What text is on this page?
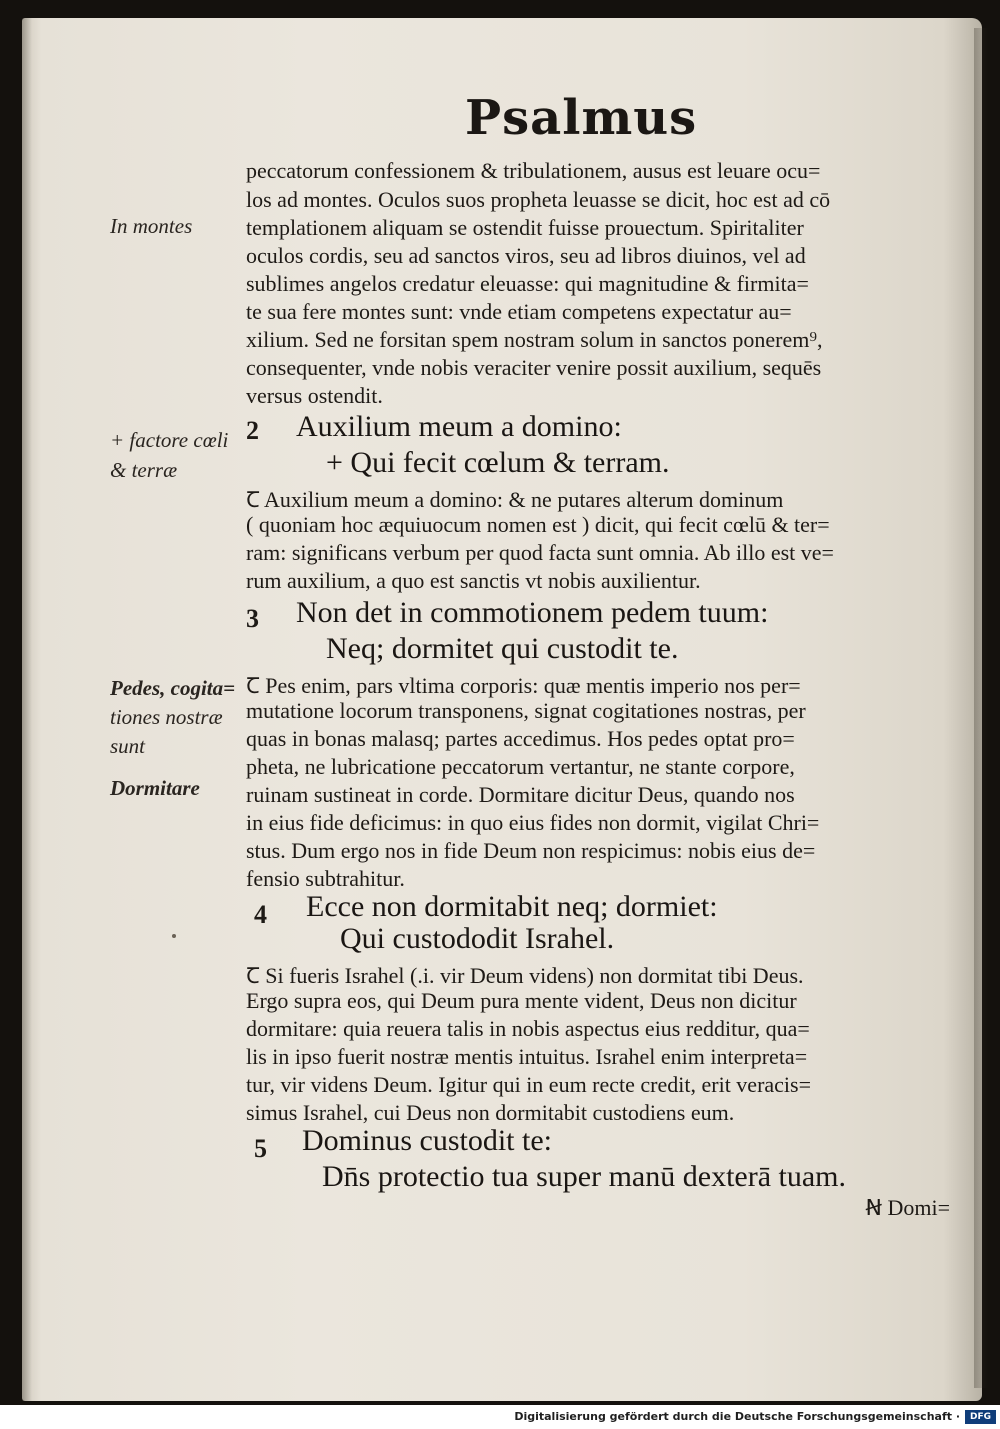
Psalmus
peccatorum confessionem & tribulationem, ausus est leuare ocu=
los ad montes. Oculos suos propheta leuasse se dicit, hoc est ad cō
templationem aliquam se ostendit fuisse prouectum. Spiritaliter
oculos cordis, seu ad sanctos viros, seu ad libros diuinos, vel ad
sublimes angelos credatur eleuasse: qui magnitudine & firmita=
te sua fere montes sunt: vnde etiam competens expectatur au=
xilium. Sed ne forsitan spem nostram solum in sanctos ponerem⁹,
consequenter, vnde nobis veraciter venire possit auxilium, sequēs
versus ostendit.
2 Auxilium meum a domino:
+ Qui fecit cœlum & terram.
Ꞇ Auxilium meum a domino: & ne putares alterum dominum
( quoniam hoc æquiuocum nomen est ) dicit, qui fecit cœlū & ter=
ram: significans verbum per quod facta sunt omnia. Ab illo est ve=
rum auxilium, a quo est sanctis vt nobis auxilientur.
3 Non det in commotionem pedem tuum:
Neq; dormitet qui custodit te.
Ꞇ Pes enim, pars vltima corporis: quæ mentis imperio nos per=
mutatione locorum transponens, signat cogitationes nostras, per
quas in bonas malasq; partes accedimus. Hos pedes optat pro=
pheta, ne lubricatione peccatorum vertantur, ne stante corpore,
ruinam sustineat in corde. Dormitare dicitur Deus, quando nos
in eius fide deficimus: in quo eius fides non dormit, vigilat Chri=
stus. Dum ergo nos in fide Deum non respicimus: nobis eius de=
fensio subtrahitur.
4 Ecce non dormitabit neq; dormiet:
Qui custododit Israhel.
Ꞇ Si fueris Israhel (.i. vir Deum videns) non dormitat tibi Deus.
Ergo supra eos, qui Deum pura mente vident, Deus non dicitur
dormitare: quia reuera talis in nobis aspectus eius redditur, qua=
lis in ipso fuerit nostræ mentis intuitus. Israhel enim interpreta=
tur, vir videns Deum. Igitur qui in eum recte credit, erit veracis=
simus Israhel, cui Deus non dormitabit custodiens eum.
5 Dominus custodit te:
Dn̄s protectio tua super manū dexterā tuam.
Ꞥ Domi=
In montes
+ factore cœli
& terræ
Pedes, cogita=
tiones nostræ
sunt
Dormitare
Digitalisierung gefördert durch die Deutsche Forschungsgemeinschaft ·	DFG
